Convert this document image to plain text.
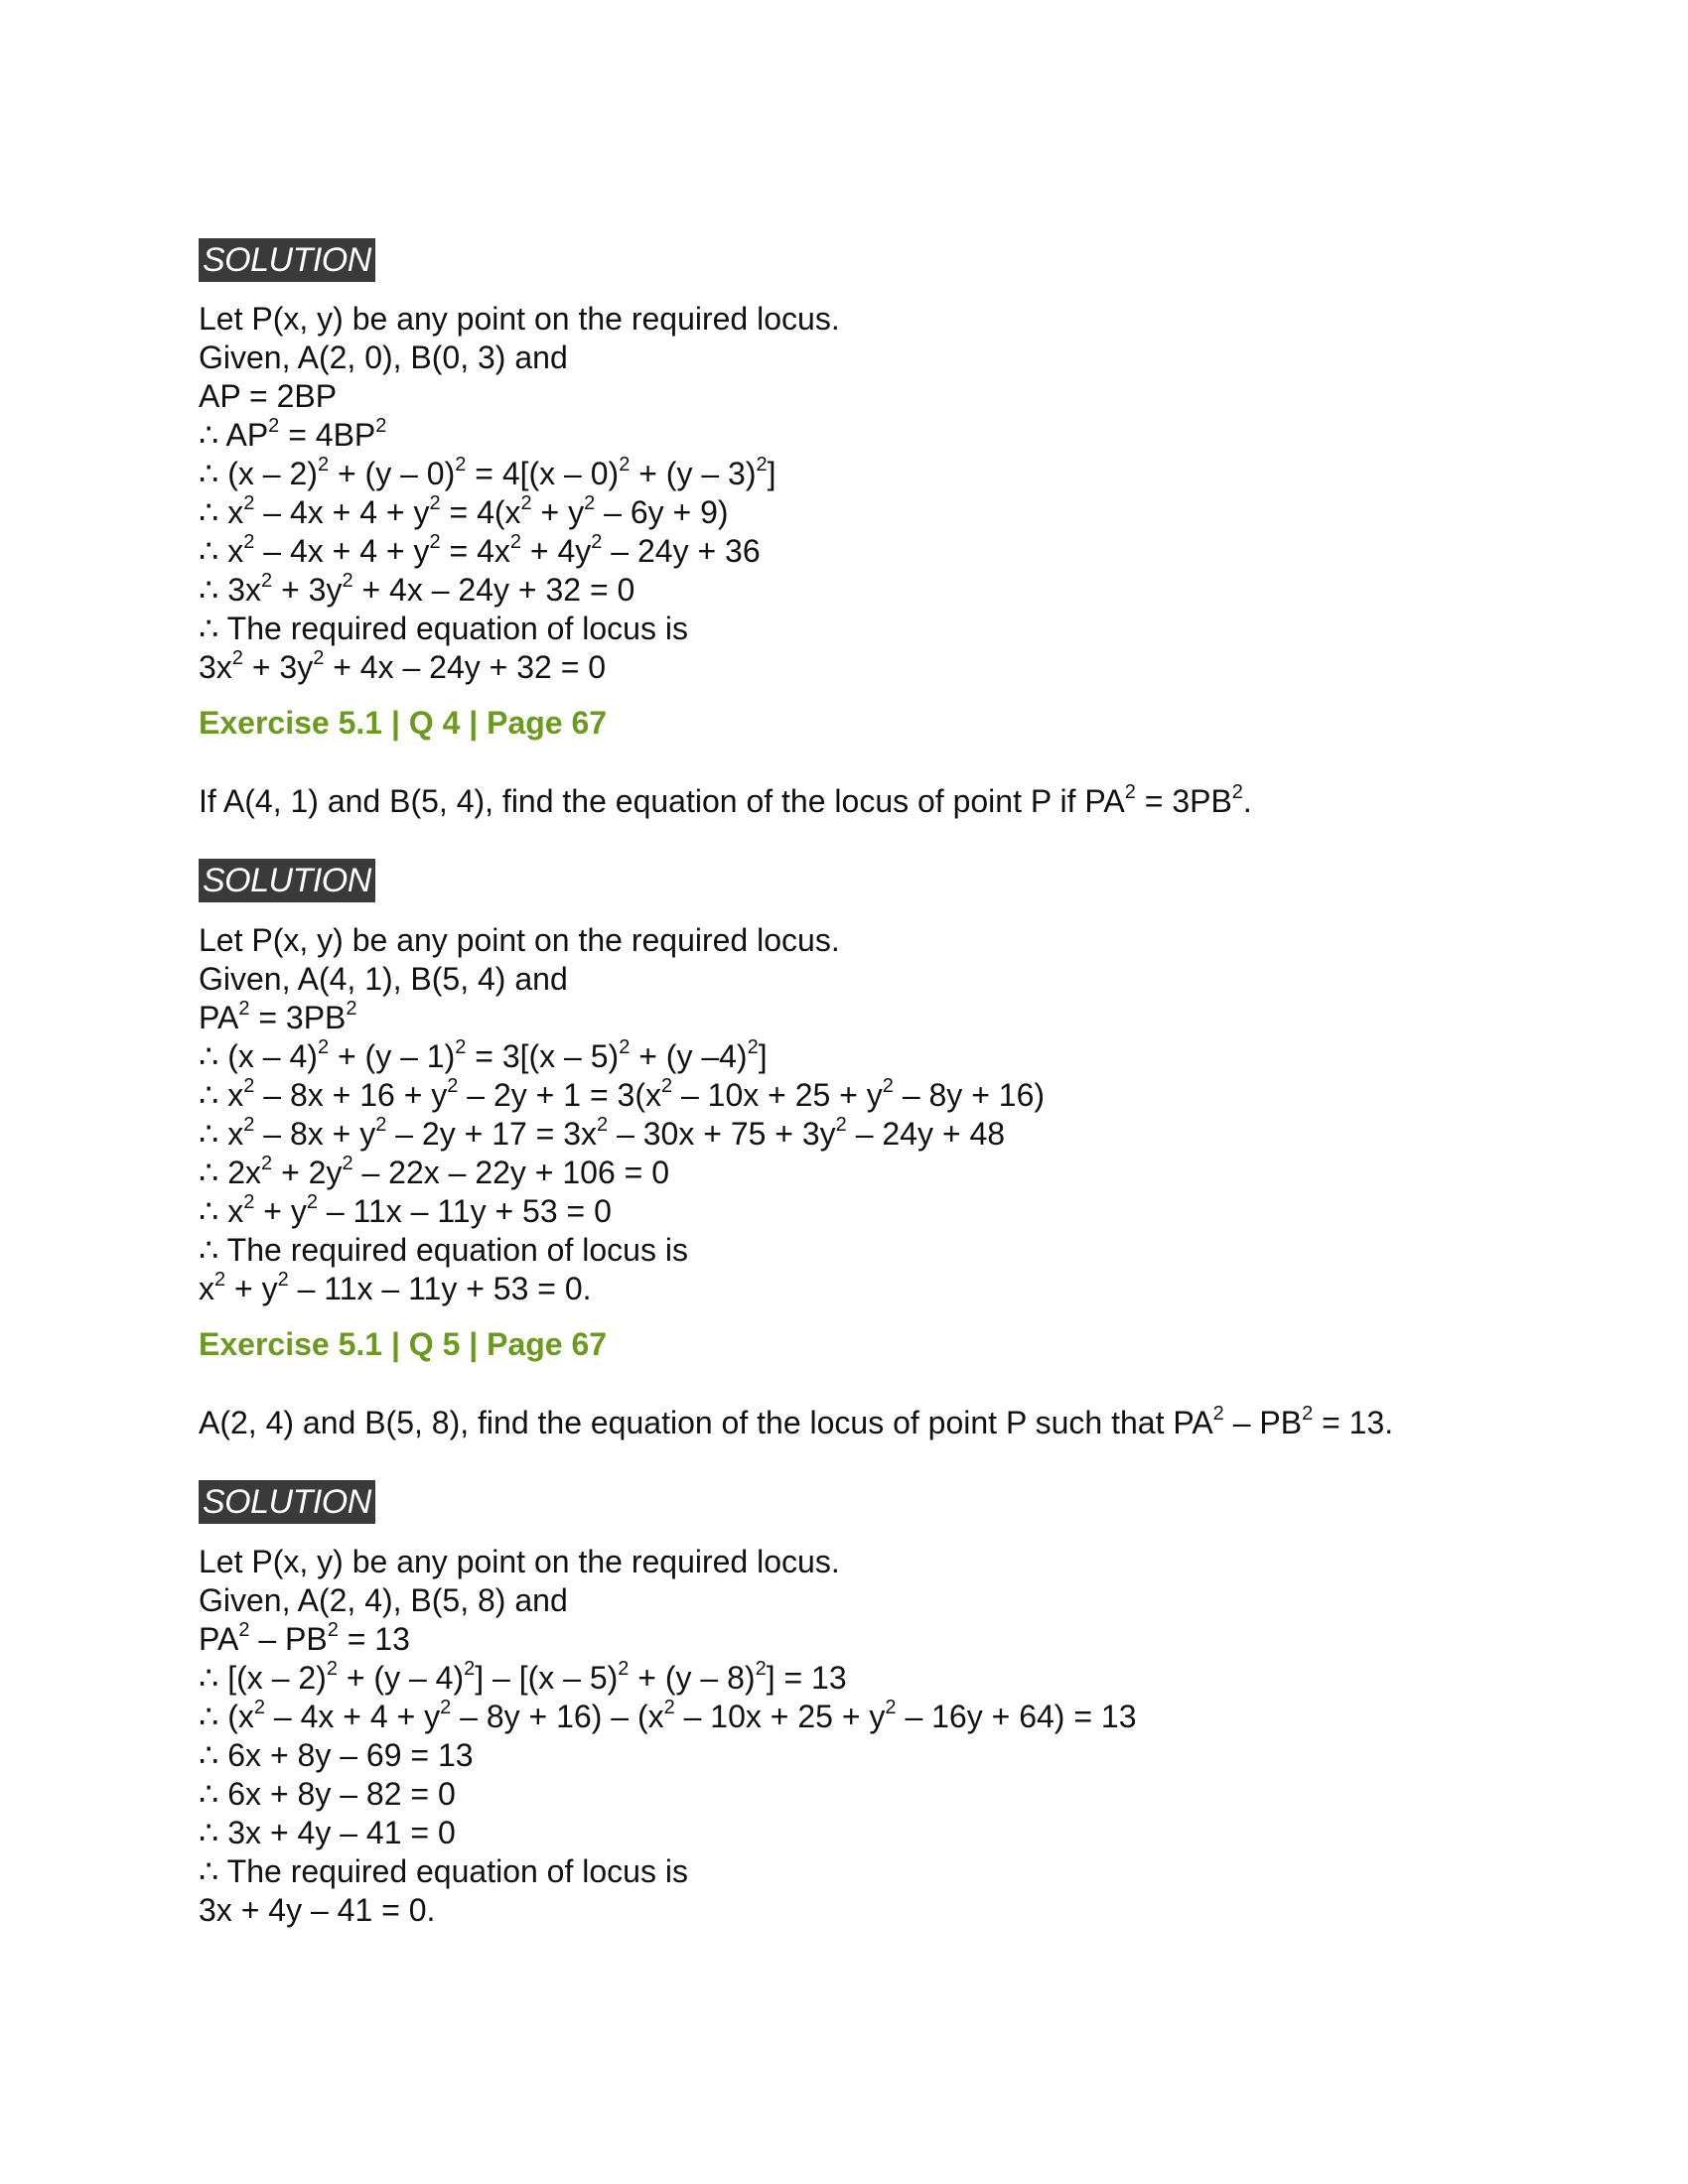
SOLUTION
Let P(x, y) be any point on the required locus.
Given, A(2, 0), B(0, 3) and
AP = 2BP
∴ $AP^2 = 4BP^2$
∴ (x – 2)$^2$ + (y – 0)$^2$ = 4[(x – 0)$^2$ + (y – 3)$^2$]
∴ $x^2 - 4x + 4 + y^2 = 4(x^2 + y^2 - 6y + 9)$
∴ $x^2 - 4x + 4 + y^2 = 4x^2 + 4y^2 - 24y + 36$
∴ $3x^2 + 3y^2 + 4x - 24y + 32 = 0$
∴ The required equation of locus is
$3x^2 + 3y^2 + 4x - 24y + 32 = 0$
Exercise 5.1 | Q 4 | Page 67
If A(4, 1) and B(5, 4), find the equation of the locus of point P if $PA^2 = 3PB^2$.
SOLUTION
Let P(x, y) be any point on the required locus.
Given, A(4, 1), B(5, 4) and
$PA^2 = 3PB^2$
∴ (x – 4)$^2$ + (y – 1)$^2$ = 3[(x – 5)$^2$ + (y –4)$^2$]
∴ $x^2 - 8x + 16 + y^2 - 2y + 1 = 3(x^2 - 10x + 25 + y^2 - 8y + 16)$
∴ $x^2 - 8x + y^2 - 2y + 17 = 3x^2 - 30x + 75 + 3y^2 - 24y + 48$
∴ $2x^2 + 2y^2 - 22x - 22y + 106 = 0$
∴ $x^2 + y^2 - 11x - 11y + 53 = 0$
∴ The required equation of locus is
$x^2 + y^2 - 11x - 11y + 53 = 0$.
Exercise 5.1 | Q 5 | Page 67
A(2, 4) and B(5, 8), find the equation of the locus of point P such that $PA^2 - PB^2 = 13$.
SOLUTION
Let P(x, y) be any point on the required locus.
Given, A(2, 4), B(5, 8) and
$PA^2 - PB^2 = 13$
∴ [(x – 2)$^2$ + (y – 4)$^2$] – [(x – 5)$^2$ + (y – 8)$^2$] = 13
∴ $(x^2 - 4x + 4 + y^2 - 8y + 16) - (x^2 - 10x + 25 + y^2 - 16y + 64) = 13$
∴ 6x + 8y – 69 = 13
∴ 6x + 8y – 82 = 0
∴ 3x + 4y – 41 = 0
∴ The required equation of locus is
3x + 4y – 41 = 0.
